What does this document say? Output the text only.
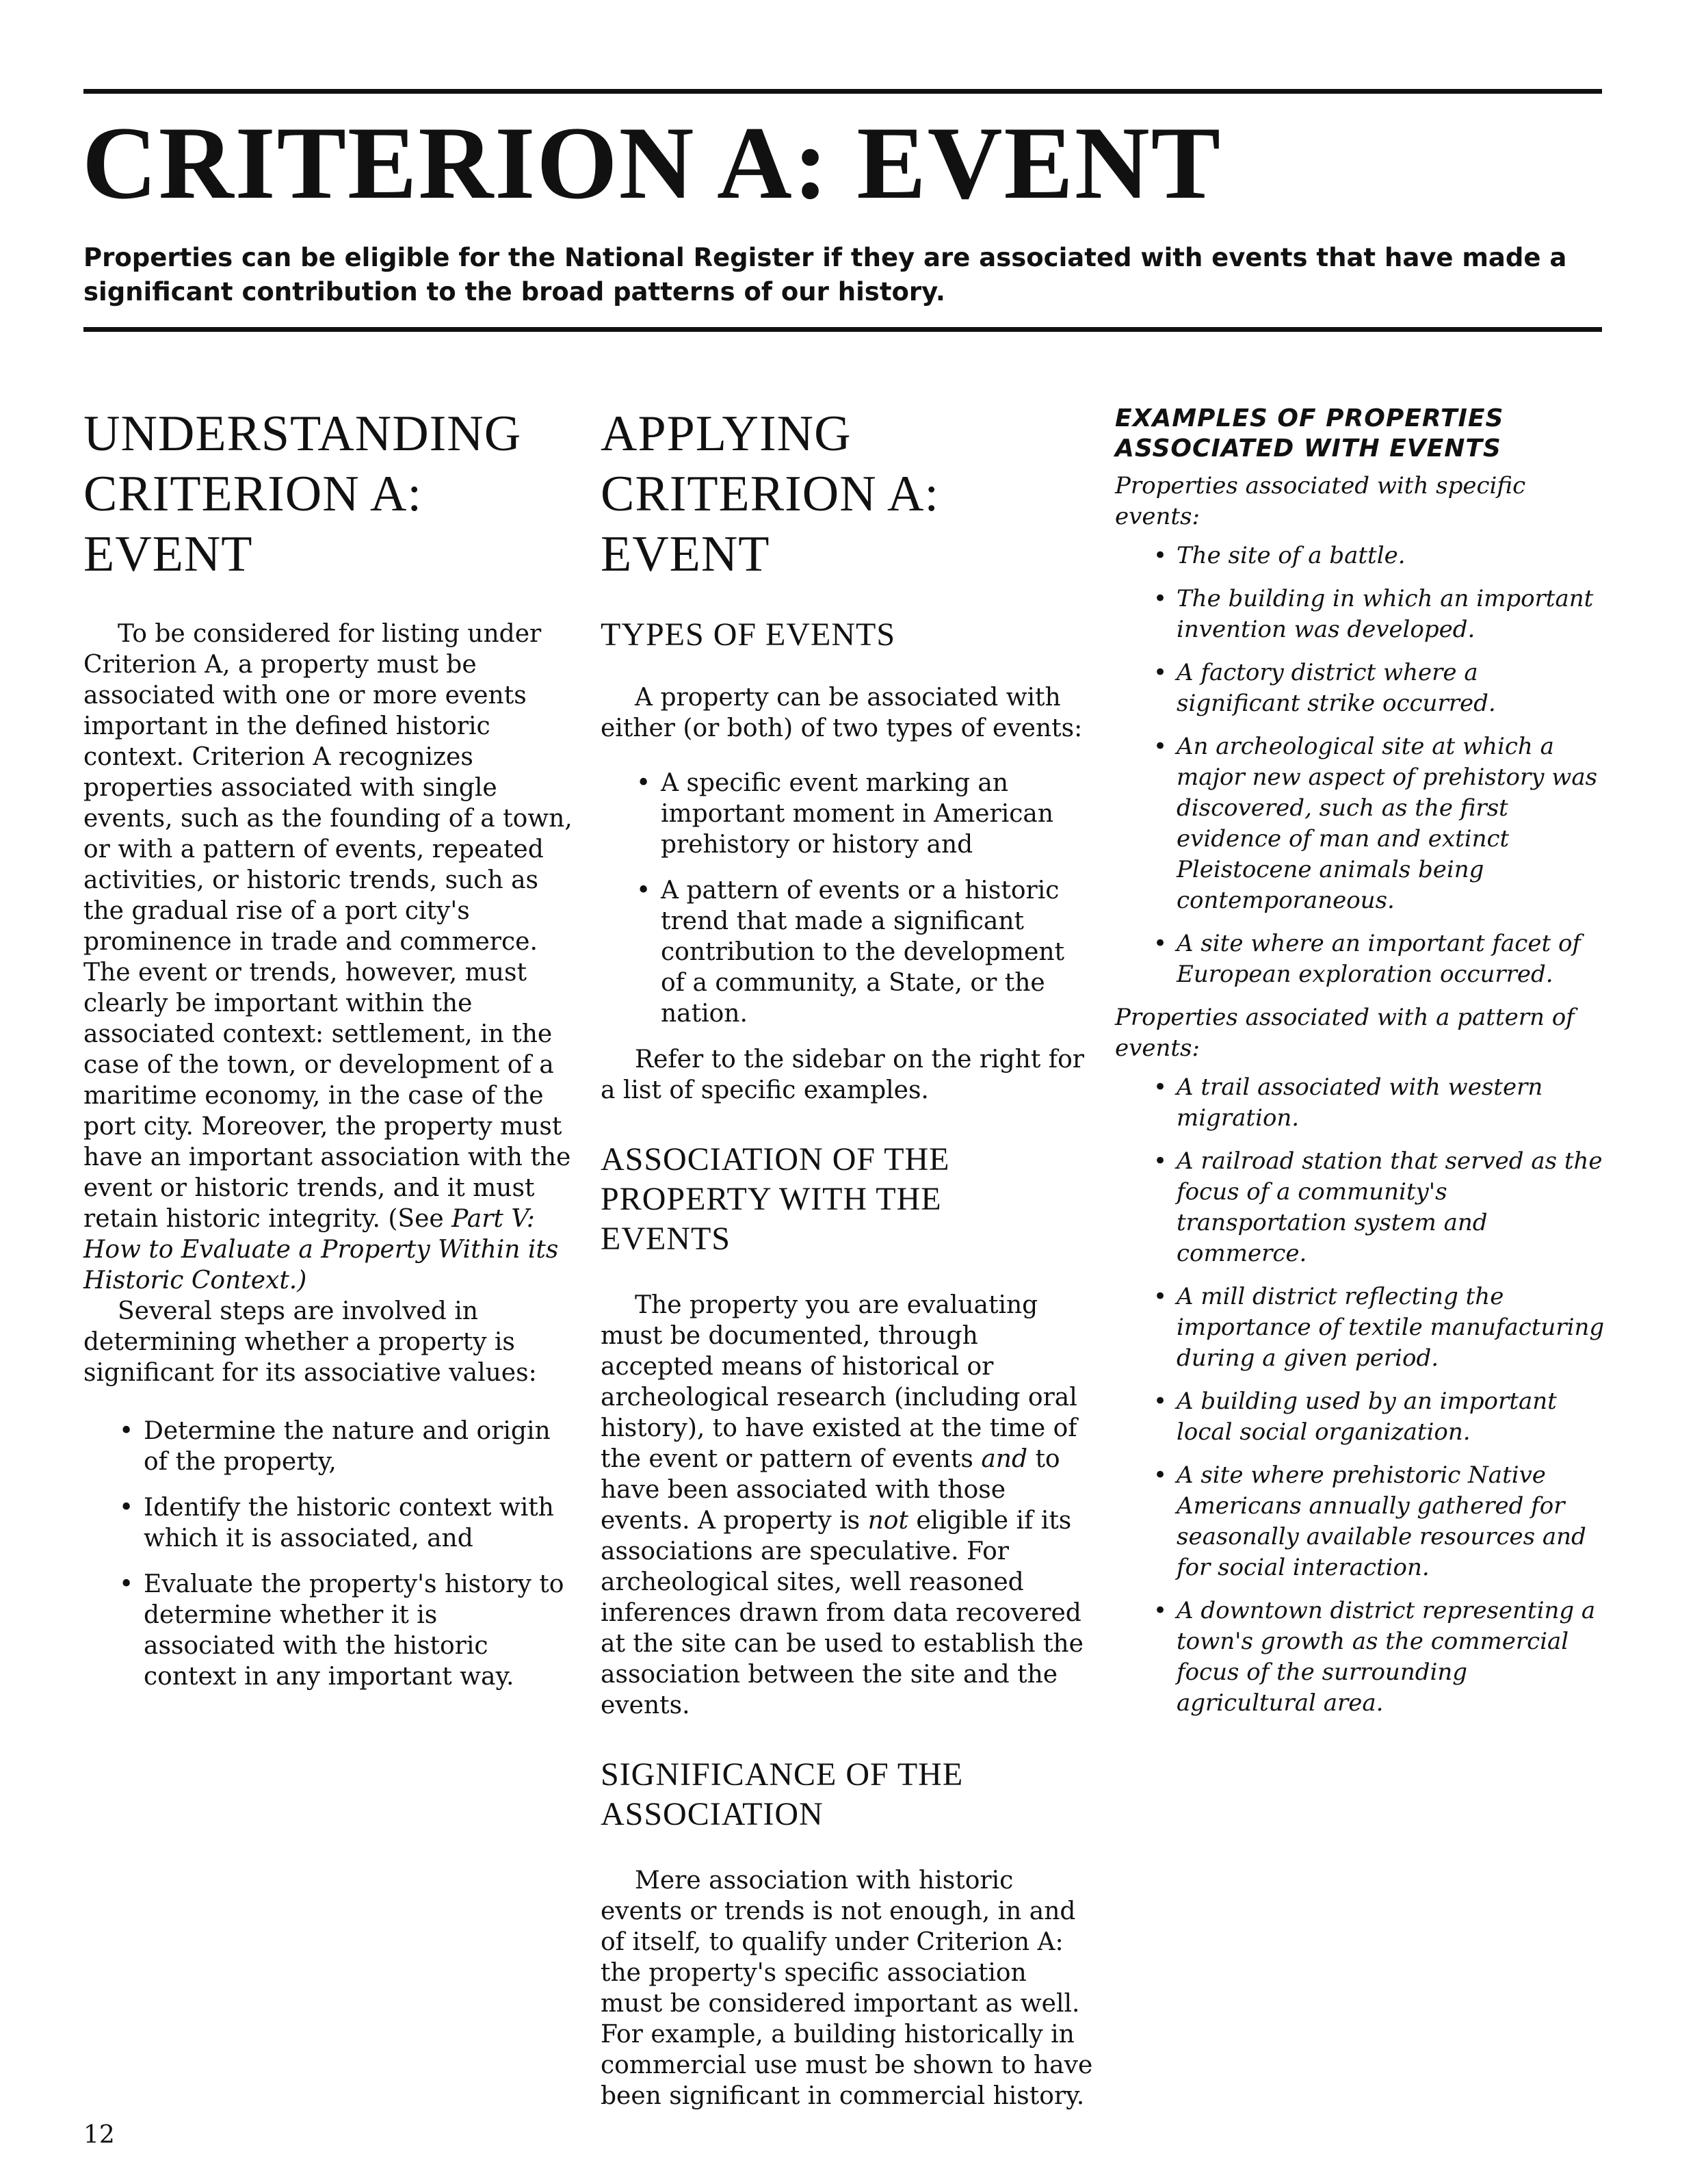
CRITERION A: EVENT

Properties can be eligible for the National Register if they are associated with events that have made a significant contribution to the broad patterns of our history.

UNDERSTANDING
CRITERION A:
EVENT

To be considered for listing under Criterion A, a property must be associated with one or more events important in the defined historic context. Criterion A recognizes properties associated with single events, such as the founding of a town, or with a pattern of events, repeated activities, or historic trends, such as the gradual rise of a port city's prominence in trade and commerce. The event or trends, however, must clearly be important within the associated context: settlement, in the case of the town, or development of a maritime economy, in the case of the port city. Moreover, the property must have an important association with the event or historic trends, and it must retain historic integrity. (See Part V: How to Evaluate a Property Within its Historic Context.)

Several steps are involved in determining whether a property is significant for its associative values:

• Determine the nature and origin of the property,
• Identify the historic context with which it is associated, and
• Evaluate the property's history to determine whether it is associated with the historic context in any important way.
APPLYING
CRITERION A:
EVENT
TYPES OF EVENTS

A property can be associated with either (or both) of two types of events:

• A specific event marking an important moment in American prehistory or history and
• A pattern of events or a historic trend that made a significant contribution to the development of a community, a State, or the nation.

Refer to the sidebar on the right for a list of specific examples.

ASSOCIATION OF THE
PROPERTY WITH THE
EVENTS

The property you are evaluating must be documented, through accepted means of historical or archeological research (including oral history), to have existed at the time of the event or pattern of events and to have been associated with those events. A property is not eligible if its associations are speculative. For archeological sites, well reasoned inferences drawn from data recovered at the site can be used to establish the association between the site and the events.

SIGNIFICANCE OF THE
ASSOCIATION

Mere association with historic events or trends is not enough, in and of itself, to qualify under Criterion A: the property's specific association must be considered important as well. For example, a building historically in commercial use must be shown to have been significant in commercial history.

EXAMPLES OF PROPERTIES
ASSOCIATED WITH EVENTS

Properties associated with specific events:

• The site of a battle.
• The building in which an important invention was developed.
• A factory district where a significant strike occurred.
• An archeological site at which a major new aspect of prehistory was discovered, such as the first evidence of man and extinct Pleistocene animals being contemporaneous.
• A site where an important facet of European exploration occurred.

Properties associated with a pattern of events:

• A trail associated with western migration.
• A railroad station that served as the focus of a community's transportation system and commerce.
• A mill district reflecting the importance of textile manufacturing during a given period.
• A building used by an important local social organization.
• A site where prehistoric Native Americans annually gathered for seasonally available resources and for social interaction.
• A downtown district representing a town's growth as the commercial focus of the surrounding agricultural area.
12
